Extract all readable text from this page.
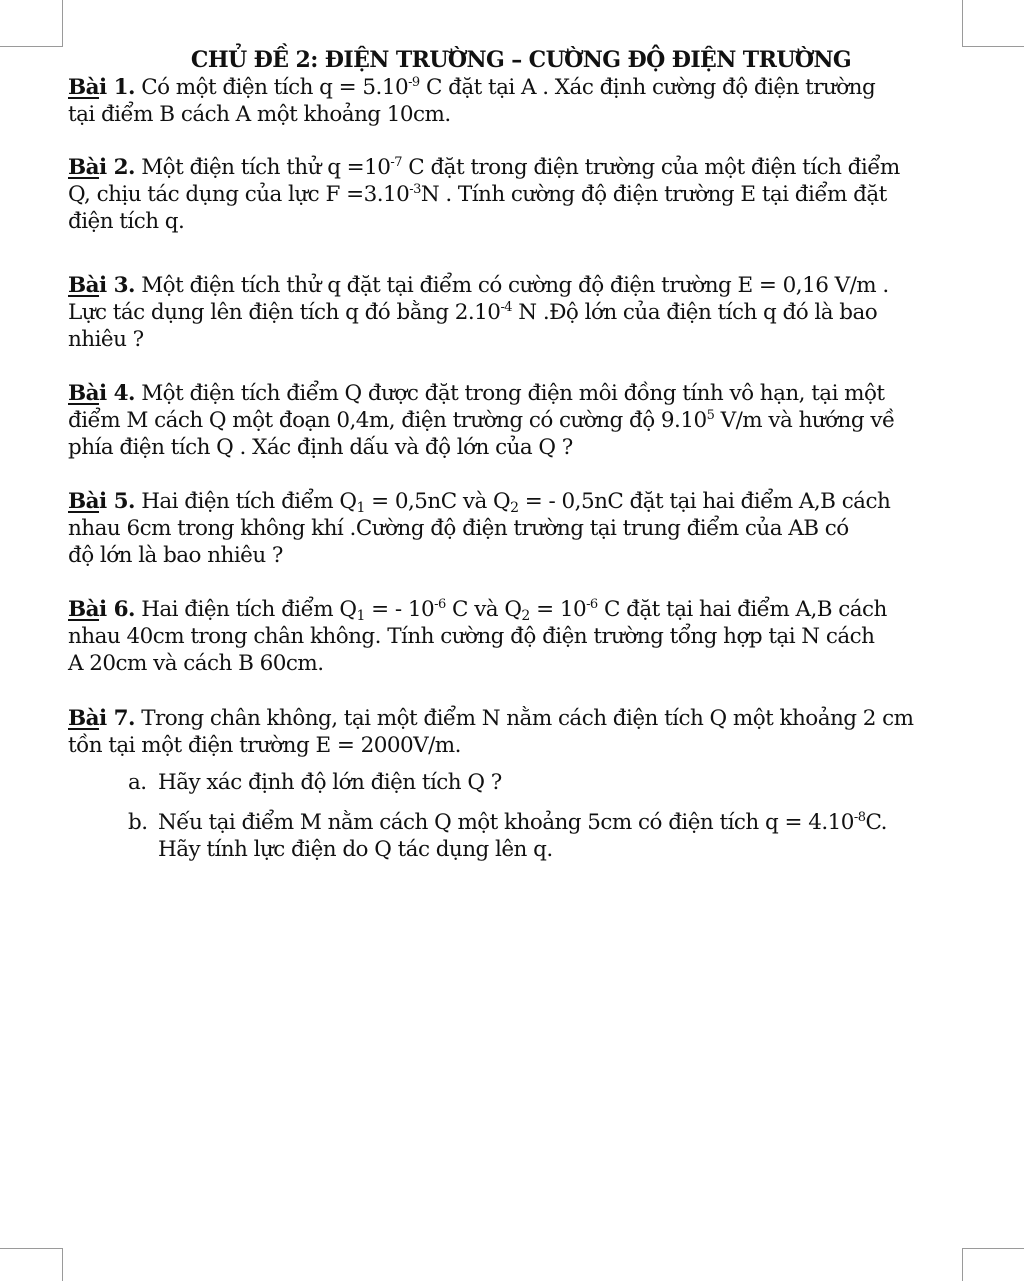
CHỦ ĐỀ 2: ĐIỆN TRƯỜNG – CƯỜNG ĐỘ ĐIỆN TRƯỜNG

Bài 1. Có một điện tích $q = 5.10^{-9}$ C đặt tại A . Xác định cường độ điện trường
tại điểm B cách A một khoảng 10cm.

Bài 2. Một điện tích thử $q =10^{-7}$ C đặt trong điện trường của một điện tích điểm
Q, chịu tác dụng của lực $F =3.10^{-3}N$ . Tính cường độ điện trường E tại điểm đặt
điện tích q.

Bài 3. Một điện tích thử q đặt tại điểm có cường độ điện trường E = 0,16 V/m .
Lực tác dụng lên điện tích q đó bằng $2.10^{-4}$ N .Độ lớn của điện tích q đó là bao
nhiêu ?

Bài 4. Một điện tích điểm Q được đặt trong điện môi đồng tính vô hạn, tại một
điểm M cách Q một đoạn 0,4m, điện trường có cường độ 9.10$^5$ V/m và hướng về
phía điện tích Q . Xác định dấu và độ lớn của Q ?

Bài 5. Hai điện tích điểm $Q_1 = 0,5nC$ và $Q_2$ = - 0,5nC đặt tại hai điểm A,B cách
nhau 6cm trong không khí .Cường độ điện trường tại trung điểm của AB có
độ lớn là bao nhiêu ?

Bài 6. Hai điện tích điểm $Q_1$ = - $10^{-6}$ C và $Q_2 = 10^{-6}$ C đặt tại hai điểm A,B cách
nhau 40cm trong chân không. Tính cường độ điện trường tổng hợp tại N cách
A 20cm và cách B 60cm.

Bài 7. Trong chân không, tại một điểm N nằm cách điện tích Q một khoảng 2 cm
tồn tại một điện trường E = 2000V/m.

a. Hãy xác định độ lớn điện tích Q ?
b. Nếu tại điểm M nằm cách Q một khoảng 5cm có điện tích $q = 4.10^{-8}C$.
Hãy tính lực điện do Q tác dụng lên q.
